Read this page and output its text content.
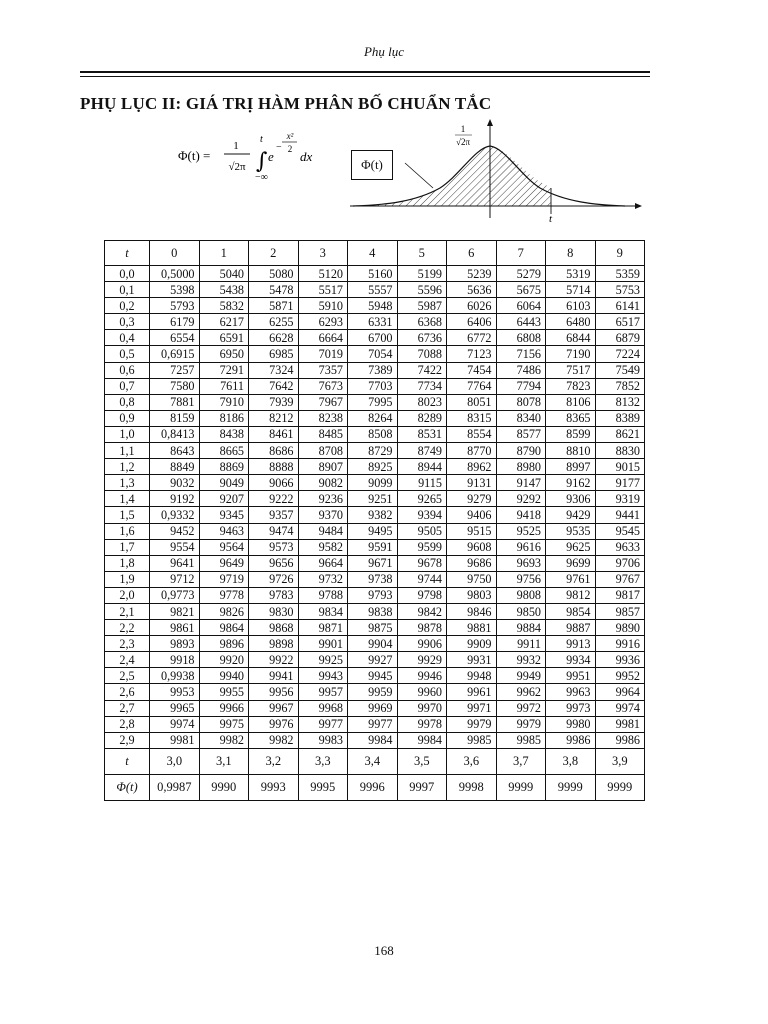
Phụ lục
PHỤ LỤC II: GIÁ TRỊ HÀM PHÂN BỐ CHUẨN TẮC
Φ(t) =
1
√2π ∫
t
−∞
e
−
x²
2 dx
1
√2π
t
Φ(t)
t	0	1	2	3	4	5	6	7	8	9
0,0	0,5000	5040	5080	5120	5160	5199	5239	5279	5319	5359
0,1	5398	5438	5478	5517	5557	5596	5636	5675	5714	5753
0,2	5793	5832	5871	5910	5948	5987	6026	6064	6103	6141
0,3	6179	6217	6255	6293	6331	6368	6406	6443	6480	6517
0,4	6554	6591	6628	6664	6700	6736	6772	6808	6844	6879
0,5	0,6915	6950	6985	7019	7054	7088	7123	7156	7190	7224
0,6	7257	7291	7324	7357	7389	7422	7454	7486	7517	7549
0,7	7580	7611	7642	7673	7703	7734	7764	7794	7823	7852
0,8	7881	7910	7939	7967	7995	8023	8051	8078	8106	8132
0,9	8159	8186	8212	8238	8264	8289	8315	8340	8365	8389
1,0	0,8413	8438	8461	8485	8508	8531	8554	8577	8599	8621
1,1	8643	8665	8686	8708	8729	8749	8770	8790	8810	8830
1,2	8849	8869	8888	8907	8925	8944	8962	8980	8997	9015
1,3	9032	9049	9066	9082	9099	9115	9131	9147	9162	9177
1,4	9192	9207	9222	9236	9251	9265	9279	9292	9306	9319
1,5	0,9332	9345	9357	9370	9382	9394	9406	9418	9429	9441
1,6	9452	9463	9474	9484	9495	9505	9515	9525	9535	9545
1,7	9554	9564	9573	9582	9591	9599	9608	9616	9625	9633
1,8	9641	9649	9656	9664	9671	9678	9686	9693	9699	9706
1,9	9712	9719	9726	9732	9738	9744	9750	9756	9761	9767
2,0	0,9773	9778	9783	9788	9793	9798	9803	9808	9812	9817
2,1	9821	9826	9830	9834	9838	9842	9846	9850	9854	9857
2,2	9861	9864	9868	9871	9875	9878	9881	9884	9887	9890
2,3	9893	9896	9898	9901	9904	9906	9909	9911	9913	9916
2,4	9918	9920	9922	9925	9927	9929	9931	9932	9934	9936
2,5	0,9938	9940	9941	9943	9945	9946	9948	9949	9951	9952
2,6	9953	9955	9956	9957	9959	9960	9961	9962	9963	9964
2,7	9965	9966	9967	9968	9969	9970	9971	9972	9973	9974
2,8	9974	9975	9976	9977	9977	9978	9979	9979	9980	9981
2,9	9981	9982	9982	9983	9984	9984	9985	9985	9986	9986
t	3,0	3,1	3,2	3,3	3,4	3,5	3,6	3,7	3,8	3,9
Φ(t)	0,9987	9990	9993	9995	9996	9997	9998	9999	9999	9999
168
